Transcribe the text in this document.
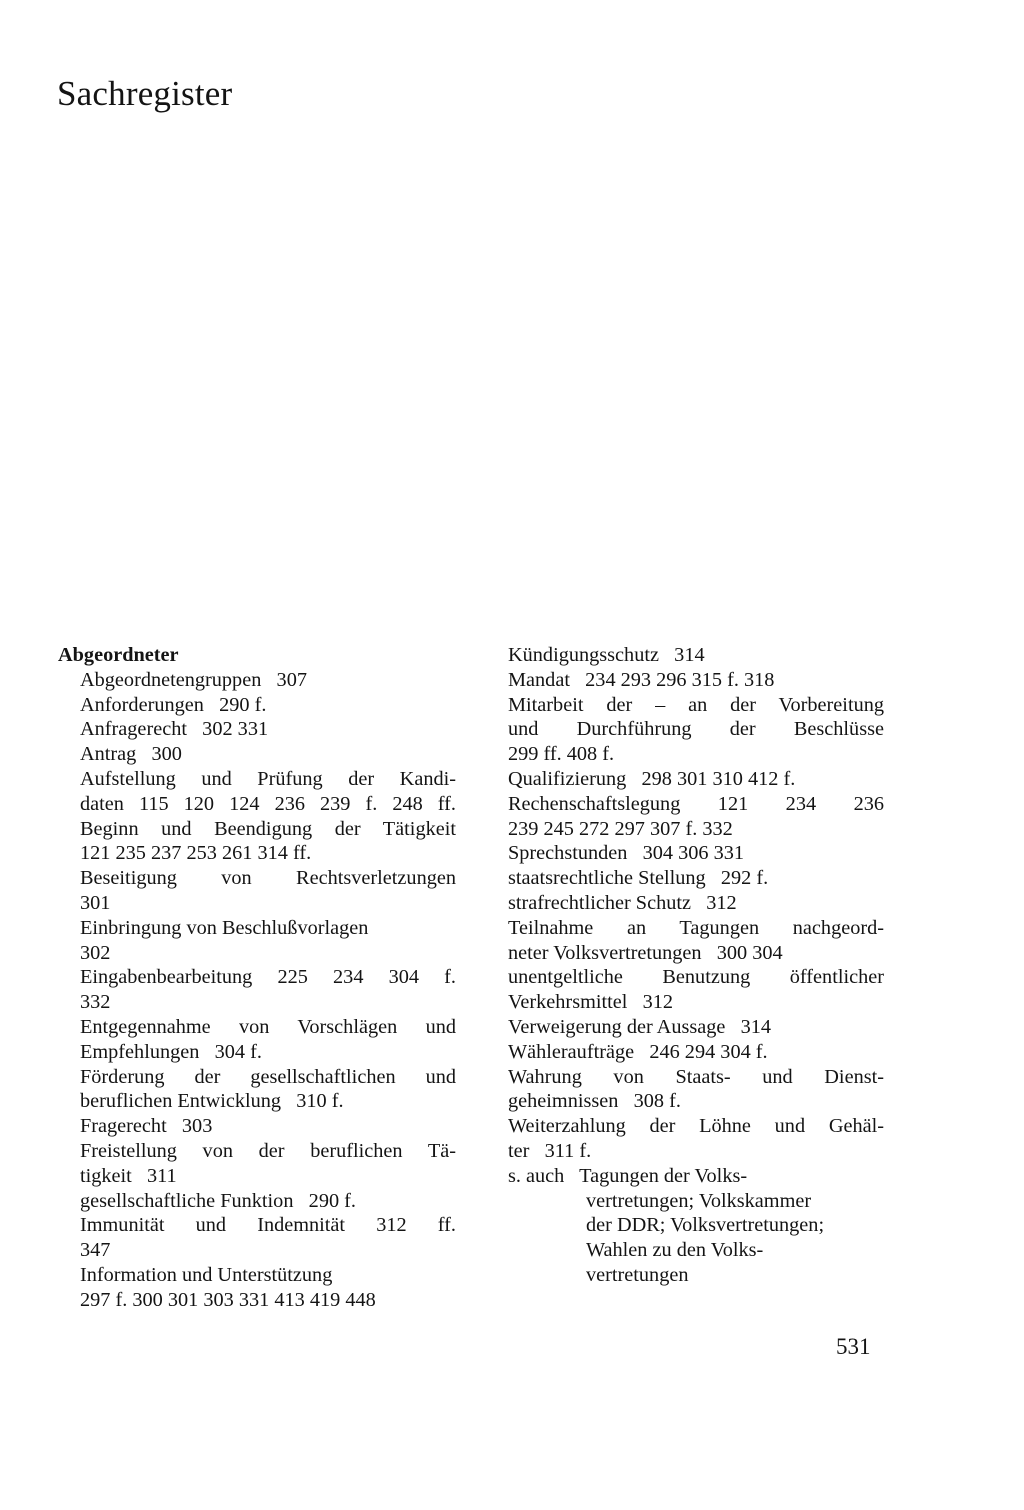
Sachregister
Abgeordneter
Abgeordnetengruppen   307
Anforderungen   290 f.
Anfragerecht   302 331
Antrag   300
Aufstellung und Prüfung der Kandi-
daten 115 120 124 236 239 f. 248 ff.
Beginn und Beendigung der Tätigkeit
121 235 237 253 261 314 ff.
Beseitigung von Rechtsverletzungen
301
Einbringung von Beschlußvorlagen
302
Eingabenbearbeitung 225 234 304 f.
332
Entgegennahme von Vorschlägen und
Empfehlungen   304 f.
Förderung der gesellschaftlichen und
beruflichen Entwicklung   310 f.
Fragerecht   303
Freistellung von der beruflichen Tä-
tigkeit   311
gesellschaftliche Funktion   290 f.
Immunität und Indemnität 312 ff.
347
Information und Unterstützung
297 f. 300 301 303 331 413 419 448
Kündigungsschutz   314
Mandat   234 293 296 315 f. 318
Mitarbeit der – an der Vorbereitung
und Durchführung der Beschlüsse
299 ff. 408 f.
Qualifizierung   298 301 310 412 f.
Rechenschaftslegung 121 234 236
239 245 272 297 307 f. 332
Sprechstunden   304 306 331
staatsrechtliche Stellung   292 f.
strafrechtlicher Schutz   312
Teilnahme an Tagungen nachgeord-
neter Volksvertretungen   300 304
unentgeltliche Benutzung öffentlicher
Verkehrsmittel   312
Verweigerung der Aussage   314
Wähleraufträge   246 294 304 f.
Wahrung von Staats- und Dienst-
geheimnissen   308 f.
Weiterzahlung der Löhne und Gehäl-
ter   311 f.
s. auch   Tagungen der Volks-
vertretungen; Volkskammer
der DDR; Volksvertretungen;
Wahlen zu den Volks-
vertretungen
531
